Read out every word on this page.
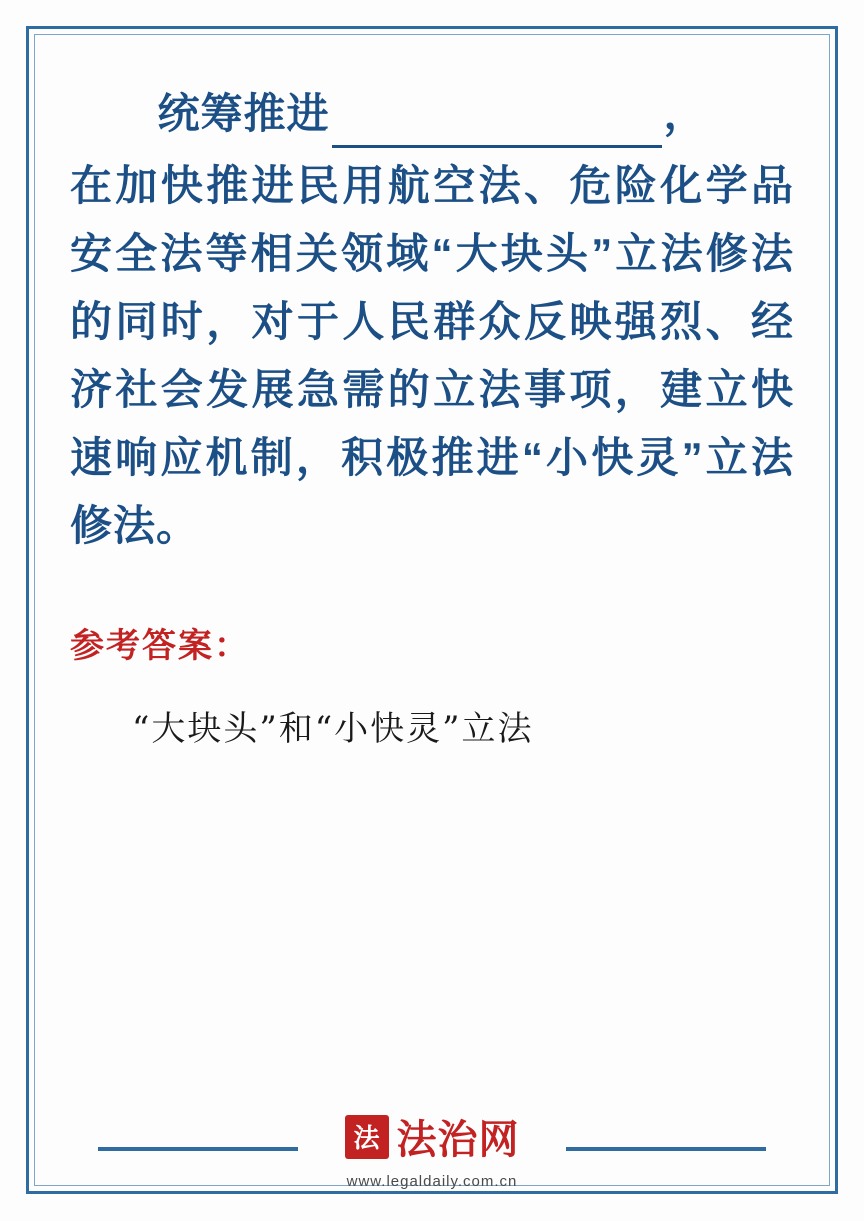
统筹推进	，
在加快推进民用航空法、危险化学品安全法等相关领域“大块头”立法修法的同时，对于人民群众反映强烈、经济社会发展急需的立法事项，建立快速响应机制，积极推进“小快灵”立法修法。
参考答案：
“大块头”和“小快灵”立法
法 法治网
www.legaldaily.com.cn
